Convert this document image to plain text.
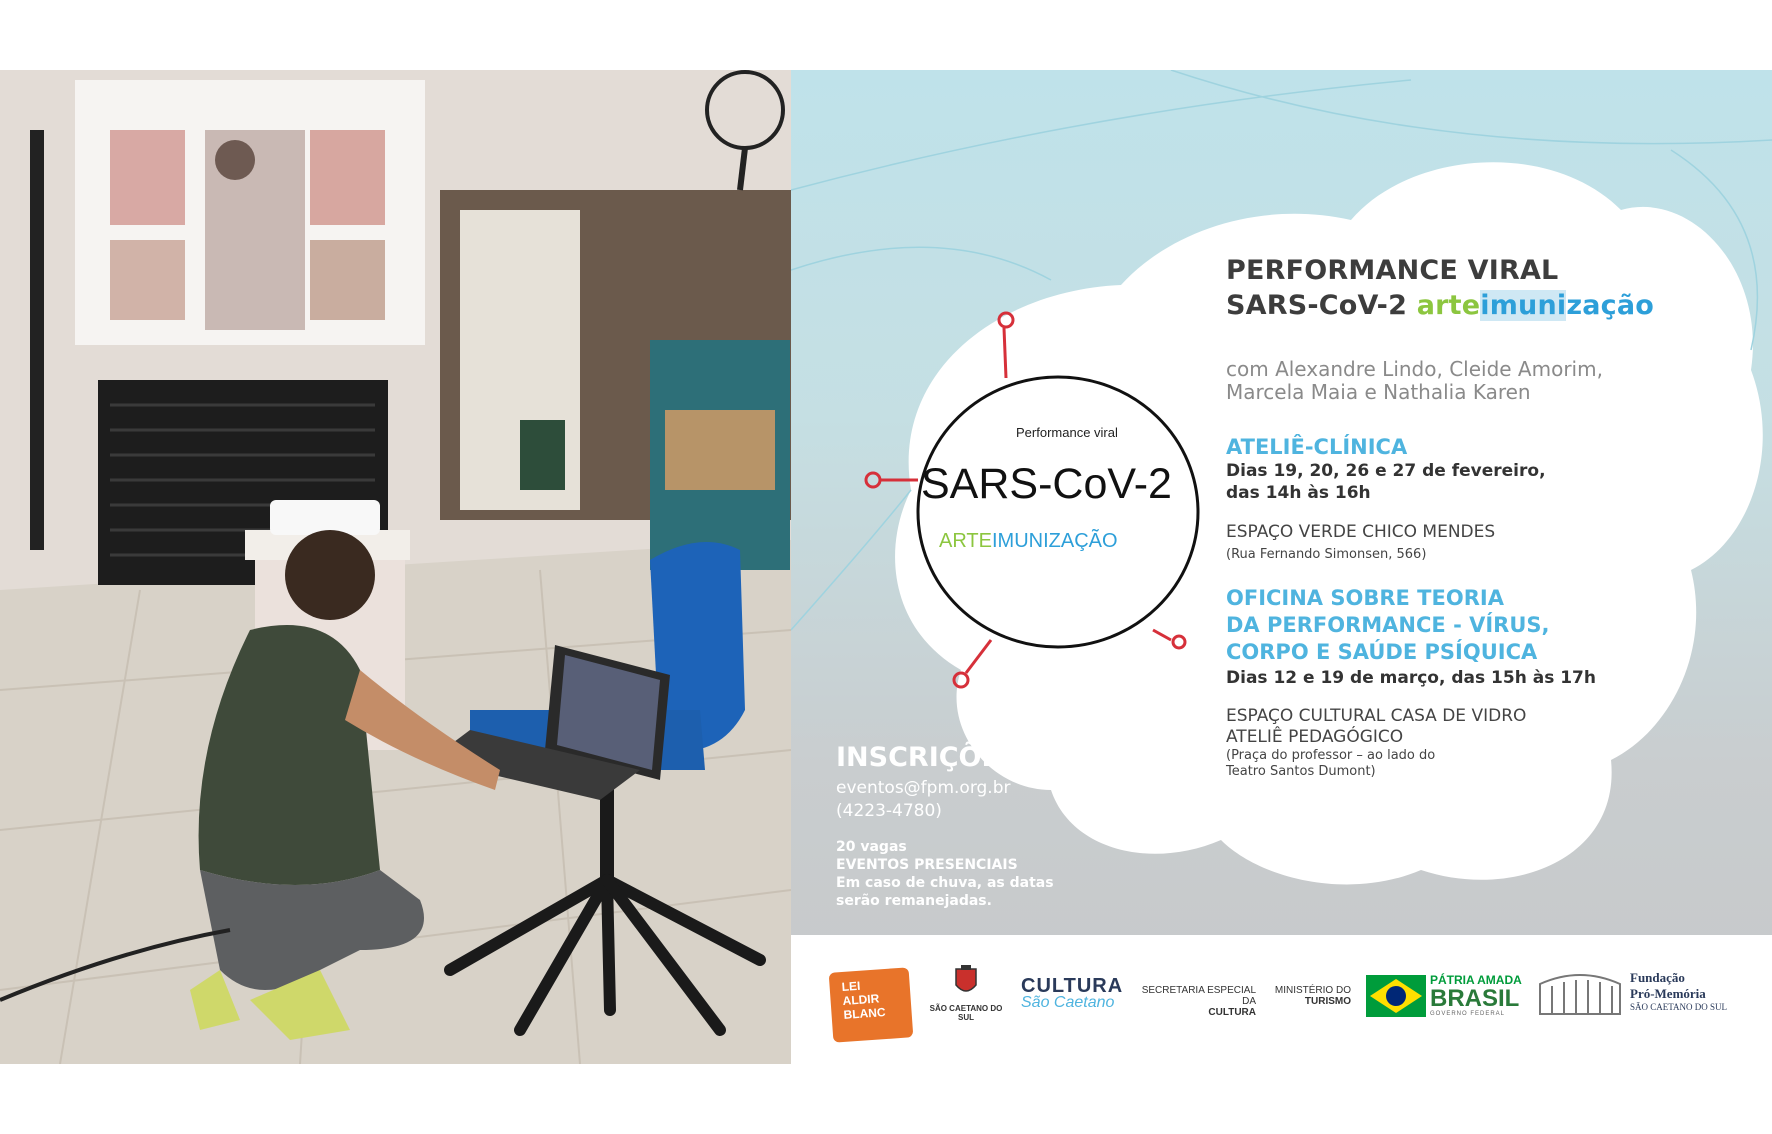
PERFORMANCE VIRAL
SARS-CoV-2 arteimunização
com Alexandre Lindo, Cleide Amorim,
Marcela Maia e Nathalia Karen
ATELIÊ-CLÍNICA
Dias 19, 20, 26 e 27 de fevereiro,
das 14h às 16h
ESPAÇO VERDE CHICO MENDES
(Rua Fernando Simonsen, 566)
OFICINA SOBRE TEORIA
DA PERFORMANCE - VÍRUS,
CORPO E SAÚDE PSÍQUICA
Dias 12 e 19 de março, das 15h às 17h
ESPAÇO CULTURAL CASA DE VIDRO
ATELIÊ PEDAGÓGICO
(Praça do professor – ao lado do
Teatro Santos Dumont)
Performance viral
SARS-CoV-2
ARTEIMUNIZAÇÃO
INSCRIÇÕES
eventos@fpm.org.br
(4223-4780)
20 vagas
EVENTOS PRESENCIAIS
Em caso de chuva, as datas
serão remanejadas.
LEI
ALDIR
BLANC	SÃO CAETANO DO SUL
CULTURA
São Caetano
SECRETARIA ESPECIAL DA
CULTURA
MINISTÉRIO DO
TURISMO
PÁTRIA AMADA
BRASIL
GOVERNO FEDERAL
Fundação
Pró-Memória
SÃO CAETANO DO SUL
